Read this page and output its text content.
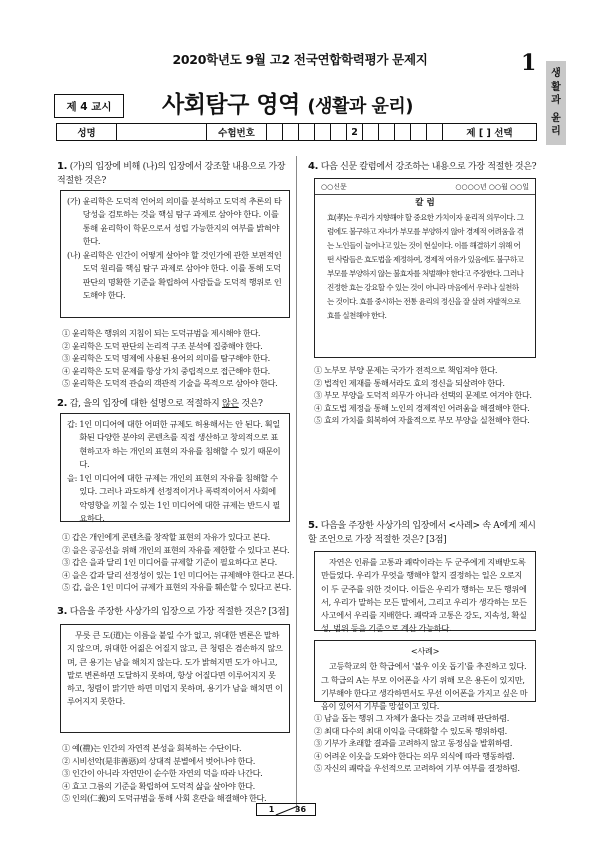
2020학년도 9월 고2 전국연합학력평가 문제지	1 생
활
과
윤
리
제 4 교시	사회탐구 영역 (생활과 윤리)
성명	수험번호	2	제 [ ] 선택
1. (가)의 입장에 비해 (나)의 입장에서 강조할 내용으로 가장 적절한 것은?
(가) 윤리학은 도덕적 언어의 의미를 분석하고 도덕적 추론의 타당성을 검토하는 것을 핵심 탐구 과제로 삼아야 한다. 이를 통해 윤리학이 학문으로서 성립 가능한지의 여부를 밝혀야 한다.
(나) 윤리학은 인간이 어떻게 살아야 할 것인가에 관한 보편적인 도덕 원리를 핵심 탐구 과제로 삼아야 한다. 이를 통해 도덕 판단의 명확한 기준을 확립하여 사람들을 도덕적 행위로 인도해야 한다.
① 윤리학은 행위의 지침이 되는 도덕규범을 제시해야 한다.
② 윤리학은 도덕 판단의 논리적 구조 분석에 집중해야 한다.
③ 윤리학은 도덕 명제에 사용된 용어의 의미를 탐구해야 한다.
④ 윤리학은 도덕 문제를 항상 가치 중립적으로 접근해야 한다.
⑤ 윤리학은 도덕적 관습의 객관적 기술을 목적으로 삼아야 한다.
2. 갑, 을의 입장에 대한 설명으로 적절하지 않은 것은?
갑: 1인 미디어에 대한 어떠한 규제도 허용해서는 안 된다. 획일화된 다양한 분야의 콘텐츠를 직접 생산하고 창의적으로 표현하고자 하는 개인의 표현의 자유를 침해할 수 있기 때문이다.
을: 1인 미디어에 대한 규제는 개인의 표현의 자유를 침해할 수 있다. 그러나 과도하게 선정적이거나 폭력적이어서 사회에 악영향을 끼칠 수 있는 1인 미디어에 대한 규제는 반드시 필요하다.
① 갑은 개인에게 콘텐츠를 창작할 표현의 자유가 있다고 본다.
② 을은 공공선을 위해 개인의 표현의 자유를 제한할 수 있다고 본다.
③ 갑은 을과 달리 1인 미디어를 규제할 기준이 필요하다고 본다.
④ 을은 갑과 달리 선정성이 있는 1인 미디어는 규제해야 한다고 본다.
⑤ 갑, 을은 1인 미디어 규제가 표현의 자유를 훼손할 수 있다고 본다.
3. 다음을 주장한 사상가의 입장으로 가장 적절한 것은? [3점]
무릇 큰 도(道)는 이름을 붙일 수가 없고, 위대한 변론은 말하지 않으며, 위대한 어짊은 어질지 않고, 큰 청렴은 겸손하지 않으며, 큰 용기는 남을 해치지 않는다. 도가 밝혀지면 도가 아니고, 말로 변론하면 도달하지 못하며, 항상 어질다면 이루어지지 못하고, 청렴이 맑기만 하면 미덥지 못하며, 용기가 남을 해치면 이루어지지 못한다.
① 예(禮)는 인간의 자연적 본성을 회복하는 수단이다.
② 시비선악(是非善惡)의 상대적 분별에서 벗어나야 한다.
③ 인간이 아니라 자연만이 순수한 자연의 덕을 따라 나간다.
④ 효고 그름의 기준을 확립하여 도덕적 삶을 살아야 한다.
⑤ 인의(仁義)의 도덕규범을 통해 사회 혼란을 해결해야 한다.
4. 다음 신문 칼럼에서 강조하는 내용으로 가장 적절한 것은?
○○신문	○○○○년 ○○월 ○○일
칼 럼
효(孝)는 우리가 지향해야 할 중요한 가치이자 윤리적 의무이다. 그럼에도 불구하고 자녀가 부모를 부양하지 않아 경제적 어려움을 겪는 노인들이 늘어나고 있는 것이 현실이다. 이를 해결하기 위해 어떤 사람들은 효도법을 제정하여, 경제적 여유가 있음에도 불구하고 부모를 부양하지 않는 불효자를 처벌해야 한다고 주장한다. 그러나 진정한 효는 강요할 수 있는 것이 아니라 마음에서 우러나 실천하는 것이다. 효를 중시하는 전통 윤리의 정신을 잘 살려 자발적으로 효를 실천해야 한다.
① 노부모 부양 문제는 국가가 전적으로 책임져야 한다.
② 법적인 제재를 통해서라도 효의 정신을 되살려야 한다.
③ 부모 부양을 도덕적 의무가 아니라 선택의 문제로 여겨야 한다.
④ 효도법 제정을 통해 노인의 경제적인 어려움을 해결해야 한다.
⑤ 효의 가치를 회복하여 자율적으로 부모 부양을 실천해야 한다.
5. 다음을 주장한 사상가의 입장에서 <사례> 속 A에게 제시할 조언으로 가장 적절한 것은? [3점]
자연은 인류를 고통과 쾌락이라는 두 군주에게 지배받도록 만들었다. 우리가 무엇을 행해야 할지 결정하는 일은 오로지 이 두 군주를 위한 것이다. 이들은 우리가 행하는 모든 행위에서, 우리가 말하는 모든 말에서, 그리고 우리가 생각하는 모든 사고에서 우리를 지배한다. 쾌락과 고통은 강도, 지속성, 확실성, 범위 등을 기준으로 계산 가능하다.
<사례>
고등학교의 한 학급에서 '불우 이웃 돕기'를 추진하고 있다. 그 학급의 A는 부모 이어폰을 사기 위해 모은 용돈이 있지만, 기부해야 한다고 생각하면서도 무선 이어폰을 가지고 싶은 마음이 있어서 기부를 망설이고 있다.
① 남을 돕는 행위 그 자체가 옳다는 것을 고려해 판단하렴.
② 최대 다수의 최대 이익을 극대화할 수 있도록 행위하렴.
③ 기부가 초래할 결과를 고려하지 않고 동정심을 발휘하렴.
④ 어려운 이웃을 도와야 한다는 의무 의식에 따라 행동하렴.
⑤ 자신의 쾌락을 우선적으로 고려하여 기부 여부를 결정하렴.
1	36
